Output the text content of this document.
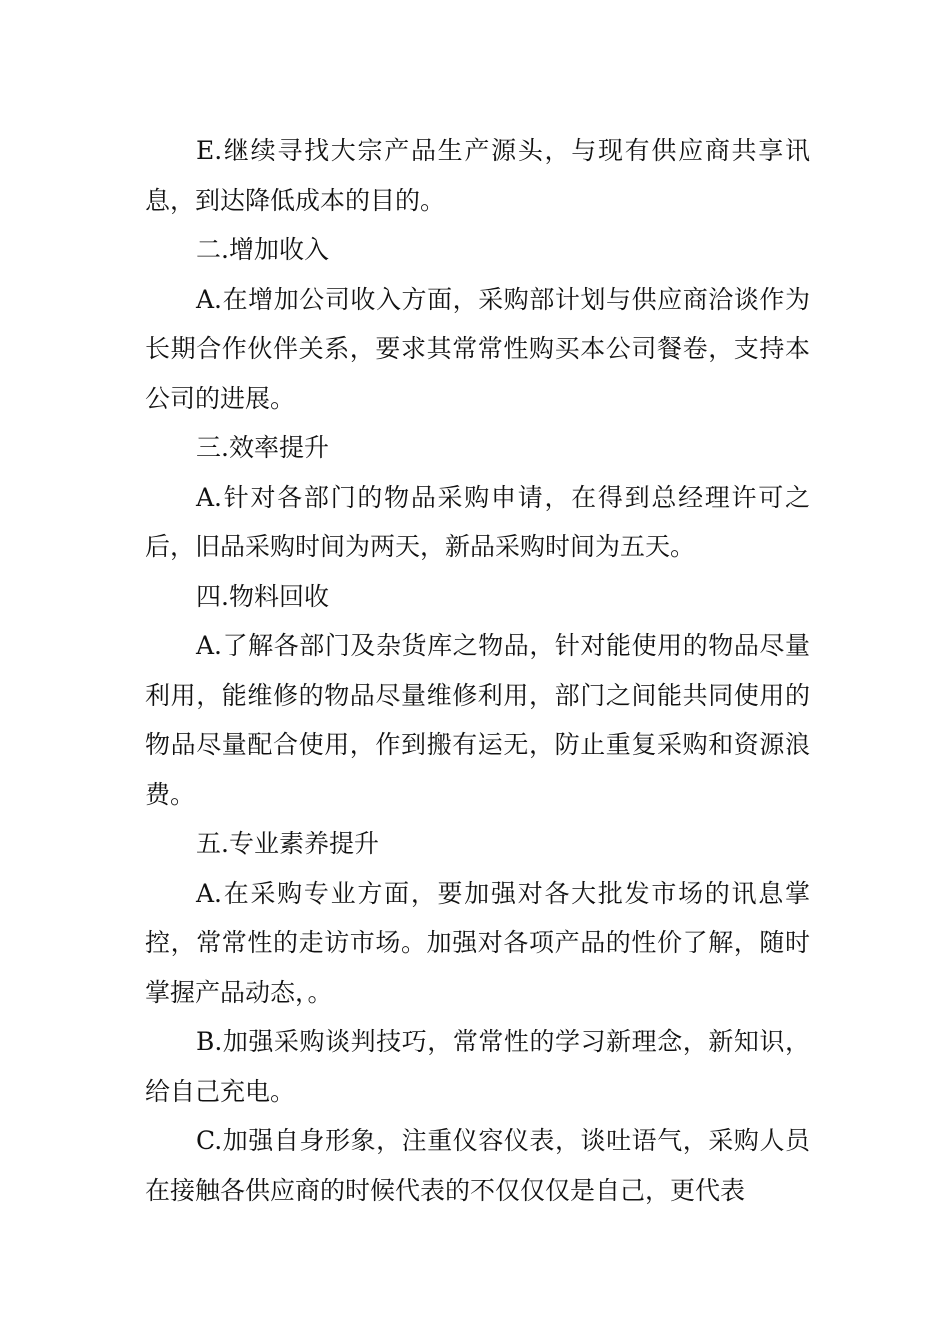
E.继续寻找大宗产品生产源头，与现有供应商共享讯息，到达降低成本的目的。

二.增加收入

A.在增加公司收入方面，采购部计划与供应商洽谈作为长期合作伙伴关系，要求其常常性购买本公司餐卷，支持本公司的进展。

三.效率提升

A.针对各部门的物品采购申请，在得到总经理许可之后，旧品采购时间为两天，新品采购时间为五天。

四.物料回收

A.了解各部门及杂货库之物品，针对能使用的物品尽量利用，能维修的物品尽量维修利用，部门之间能共同使用的物品尽量配合使用，作到搬有运无，防止重复采购和资源浪费。

五.专业素养提升

A.在采购专业方面，要加强对各大批发市场的讯息掌控，常常性的走访市场。加强对各项产品的性价了解，随时掌握产品动态，。

B.加强采购谈判技巧，常常性的学习新理念，新知识，给自己充电。

C.加强自身形象，注重仪容仪表，谈吐语气，采购人员在接触各供应商的时候代表的不仅仅仅是自己，更代表
